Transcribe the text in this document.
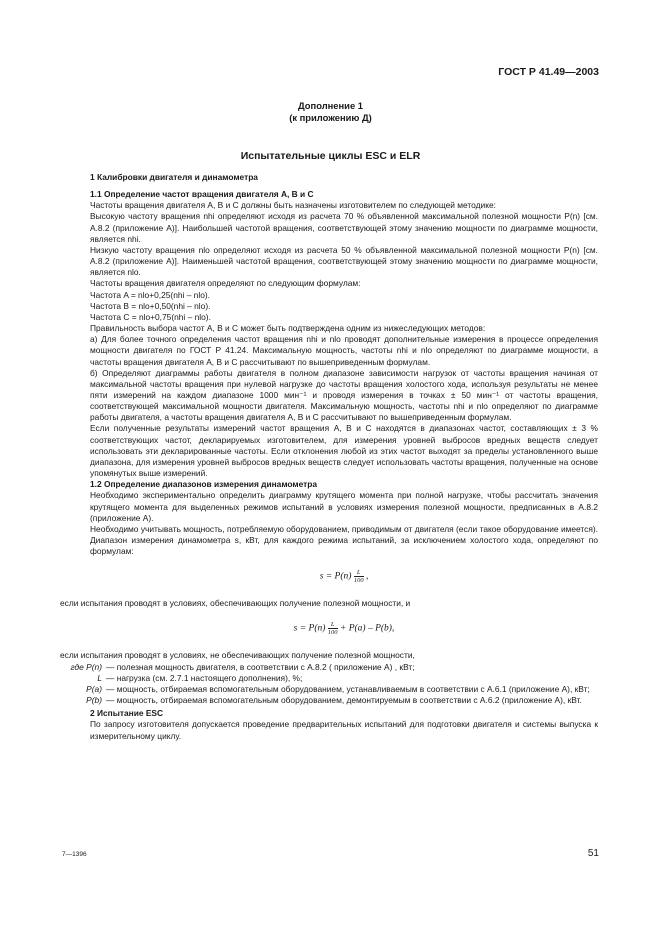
ГОСТ Р 41.49—2003
Дополнение 1
(к приложению Д)
Испытательные циклы ESC и ELR

1 Калибровки двигателя и динамометра

1.1 Определение частот вращения двигателя A, B и C

Частоты вращения двигателя A, B и C должны быть назначены изготовителем по следующей методике:

Высокую частоту вращения nhi определяют исходя из расчета 70 % объявленной максимальной полезной мощности P(n) [см. А.8.2 (приложение А)]. Наибольшей частотой вращения, соответствующей этому значению мощности по диаграмме мощности, является nhi.

Низкую частоту вращения nlo определяют исходя из расчета 50 % объявленной максимальной полезной мощности P(n) [см. А.8.2 (приложение А)]. Наименьшей частотой вращения, соответствующей этому значению мощности по диаграмме мощности, является nlo.

Частоты вращения двигателя определяют по следующим формулам:

Частота A = nlo+0,25(nhi – nlo).

Частота B = nlo+0,50(nhi – nlo).

Частота C = nlo+0,75(nhi – nlo).

Правильность выбора частот A, B и C может быть подтверждена одним из нижеследующих методов:

а) Для более точного определения частот вращения nhi и nlo проводят дополнительные измерения в процессе определения мощности двигателя по ГОСТ Р 41.24. Максимальную мощность, частоты nhi и nlo определяют по диаграмме мощности, а частоты вращения двигателя A, B и C рассчитывают по вышеприведенным формулам.

б) Определяют диаграммы работы двигателя в полном диапазоне зависимости нагрузок от частоты вращения начиная от максимальной частоты вращения при нулевой нагрузке до частоты вращения холостого хода, используя результаты не менее пяти измерений на каждом диапазоне 1000 мин⁻¹ и проводя измерения в точках ± 50 мин⁻¹ от частоты вращения, соответствующей максимальной мощности двигателя. Максимальную мощность, частоты nhi и nlo определяют по диаграмме работы двигателя, а частоты вращения двигателя A, B и C рассчитывают по вышеприведенным формулам.

Если полученные результаты измерений частот вращения A, B и C находятся в диапазонах частот, составляющих ± 3 % соответствующих частот, декларируемых изготовителем, для измерения уровней выбросов вредных веществ следует использовать эти декларированные частоты. Если отклонения любой из этих частот выходят за пределы установленного выше диапазона, для измерения уровней выбросов вредных веществ следует использовать частоты вращения, полученные на основе упомянутых выше измерений.

1.2 Определение диапазонов измерения динамометра

Необходимо экспериментально определить диаграмму крутящего момента при полной нагрузке, чтобы рассчитать значения крутящего момента для выделенных режимов испытаний в условиях измерения полезной мощности, предписанных в А.8.2 (приложение А).

Необходимо учитывать мощность, потребляемую оборудованием, приводимым от двигателя (если такое оборудование имеется). Диапазон измерения динамометра s, кВт, для каждого режима испытаний, за исключением холостого хода, определяют по формулам:

$s = P(n) \frac{L}{100}$ ,

если испытания проводят в условиях, обеспечивающих получение полезной мощности, и

$s = P(n) \frac{L}{100} + P(a) - P(b)$,

если испытания проводят в условиях, не обеспечивающих получение полезной мощности,

где P(n) — полезная мощность двигателя, в соответствии с А.8.2 ( приложение А) , кВт;
L — нагрузка (см. 2.7.1 настоящего дополнения), %;
P(a) — мощность, отбираемая вспомогательным оборудованием, устанавливаемым в соответствии с А.6.1 (приложение А), кВт;
P(b) — мощность, отбираемая вспомогательным оборудованием, демонтируемым в соответствии с А.6.2 (приложение А), кВт.

2 Испытание ESC

По запросу изготовителя допускается проведение предварительных испытаний для подготовки двигателя и системы выпуска к измерительному циклу.

7—1396	51
